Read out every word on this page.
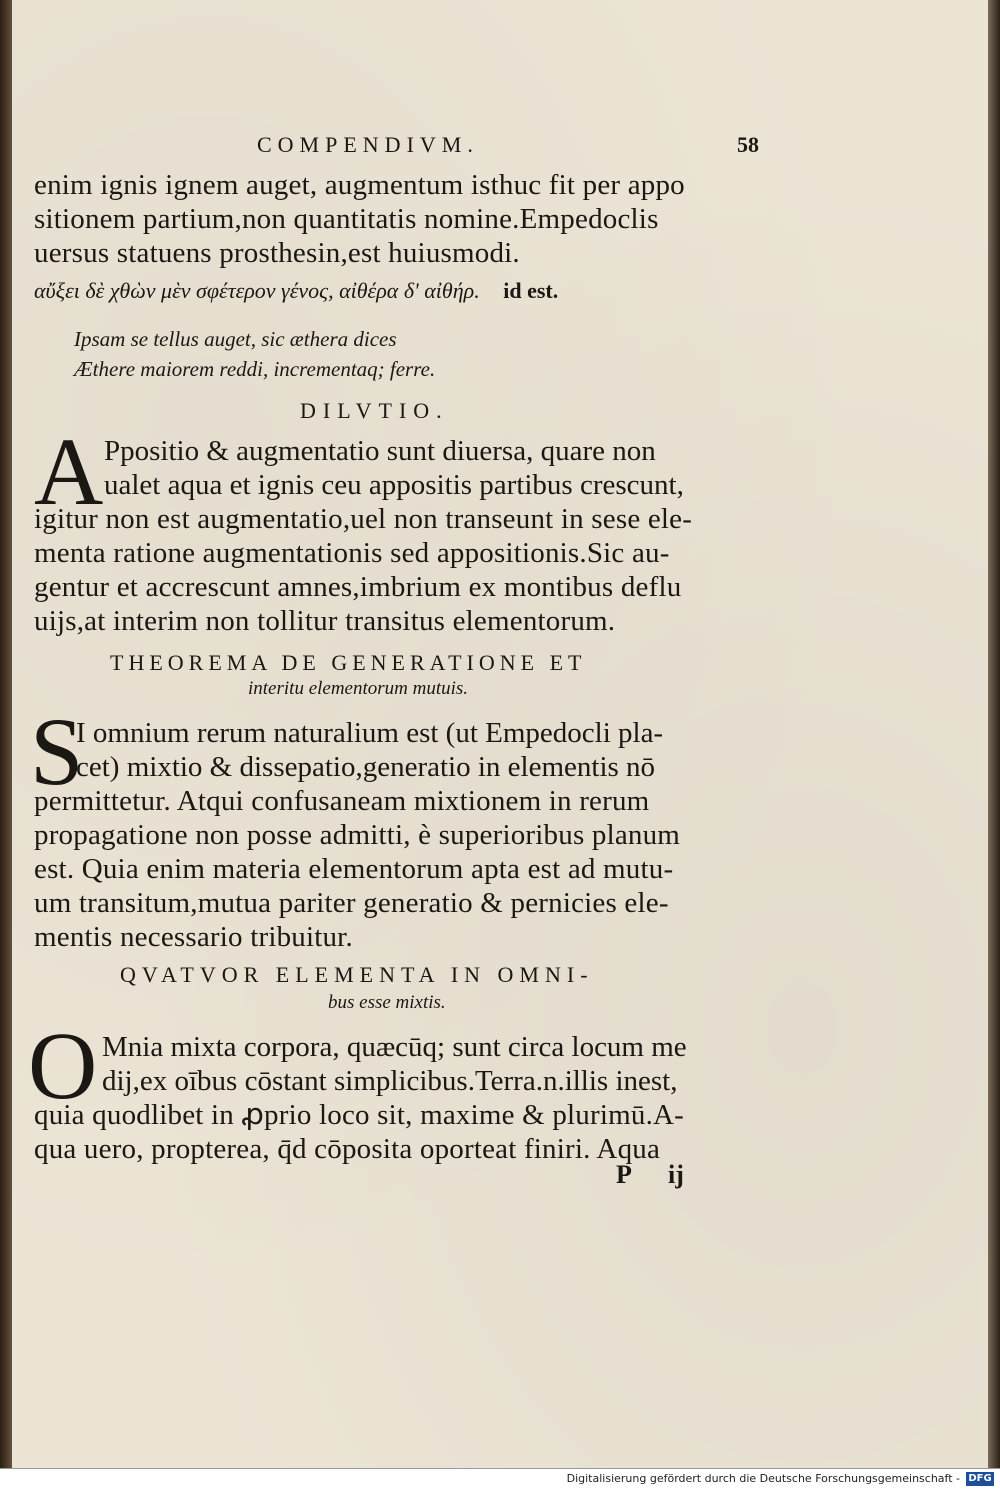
COMPENDIVM.	58
enim ignis ignem auget, augmentum isthuc fit per appo
sitionem partium,non quantitatis nomine.Empedoclis
uersus statuens prosthesin,est huiusmodi.
αὔξει δὲ χθὼν μὲν σφέτερον γένος, αἰθέρα δ' αἰθήρ. id est.
Ipsam se tellus auget, sic æthera dices
Æthere maiorem reddi, incrementaq; ferre.
DILVTIO.
A Ppositio & augmentatio sunt diuersa, quare non
ualet aqua et ignis ceu appositis partibus crescunt,
igitur non est augmentatio,uel non transeunt in sese ele-
menta ratione augmentationis sed appositionis.Sic au-
gentur et accrescunt amnes,imbrium ex montibus deflu
uijs,at interim non tollitur transitus elementorum.
THEOREMA DE GENERATIONE ET
interitu elementorum mutuis.
S
I omnium rerum naturalium est (ut Empedocli pla-
cet) mixtio & dissepatio,generatio in elementis nō
permittetur. Atqui confusaneam mixtionem in rerum
propagatione non posse admitti, è superioribus planum
est. Quia enim materia elementorum apta est ad mutu-
um transitum,mutua pariter generatio & pernicies ele-
mentis necessario tribuitur.
QVATVOR ELEMENTA IN OMNI-
bus esse mixtis.
O Mnia mixta corpora, quæcūq; sunt circa locum me
dij,ex oībus cōstant simplicibus.Terra.n.illis inest,
quia quodlibet in ꝓprio loco sit, maxime & plurimū.A-
qua uero, propterea, q̄d cōposita oporteat finiri. Aqua
P ij
Digitalisierung gefördert durch die Deutsche Forschungsgemeinschaft - DFG
